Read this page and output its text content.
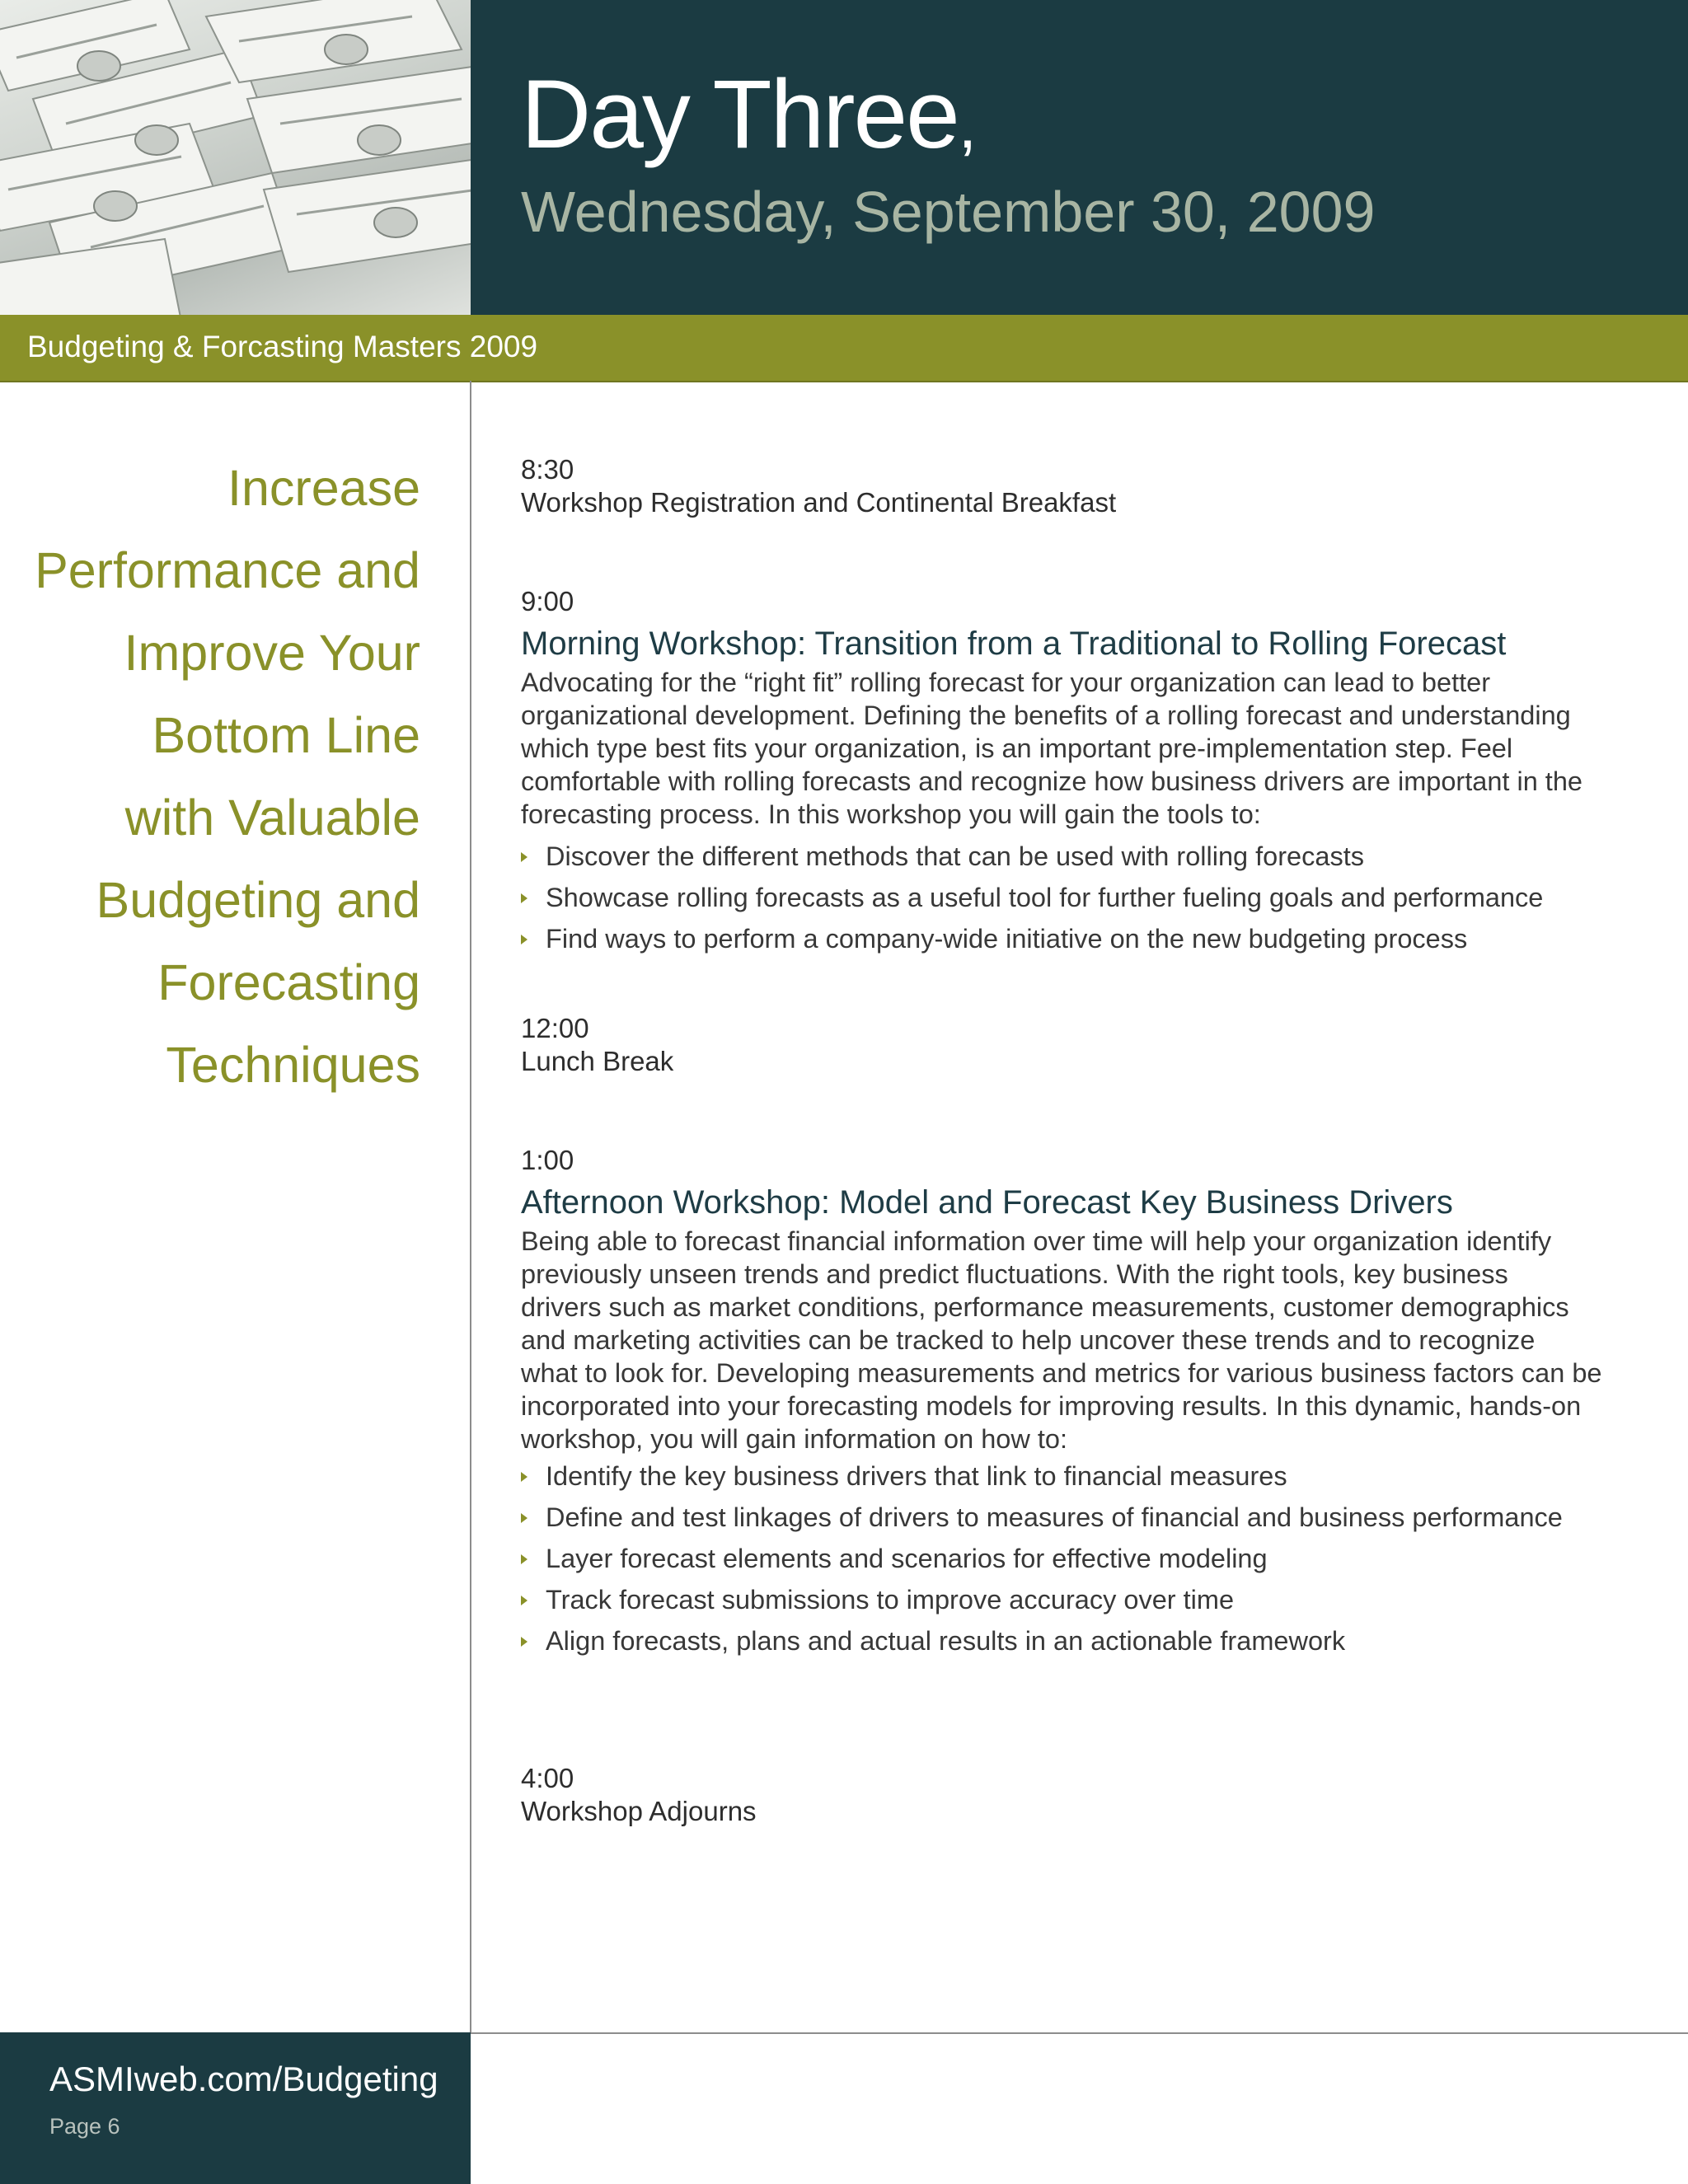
Day Three,
Wednesday, September 30, 2009
Budgeting & Forcasting Masters 2009
Increase
Performance and
Improve Your
Bottom Line
with Valuable
Budgeting and
Forecasting
Techniques
8:30
Workshop Registration and Continental Breakfast
9:00
Morning Workshop: Transition from a Traditional to Rolling Forecast
Advocating for the “right fit” rolling forecast for your organization can lead to better
organizational development. Defining the benefits of a rolling forecast and understanding
which type best fits your organization, is an important pre-implementation step. Feel
comfortable with rolling forecasts and recognize how business drivers are important in the
forecasting process. In this workshop you will gain the tools to:
Discover the different methods that can be used with rolling forecasts
Showcase rolling forecasts as a useful tool for further fueling goals and performance
Find ways to perform a company-wide initiative on the new budgeting process
12:00
Lunch Break
1:00
Afternoon Workshop: Model and Forecast Key Business Drivers
Being able to forecast financial information over time will help your organization identify
previously unseen trends and predict fluctuations. With the right tools, key business
drivers such as market conditions, performance measurements, customer demographics
and marketing activities can be tracked to help uncover these trends and to recognize
what to look for. Developing measurements and metrics for various business factors can be
incorporated into your forecasting models for improving results. In this dynamic, hands-on
workshop, you will gain information on how to:
Identify the key business drivers that link to financial measures
Define and test linkages of drivers to measures of financial and business performance
Layer forecast elements and scenarios for effective modeling
Track forecast submissions to improve accuracy over time
Align forecasts, plans and actual results in an actionable framework
4:00
Workshop Adjourns
ASMIweb.com/Budgeting
Page 6
